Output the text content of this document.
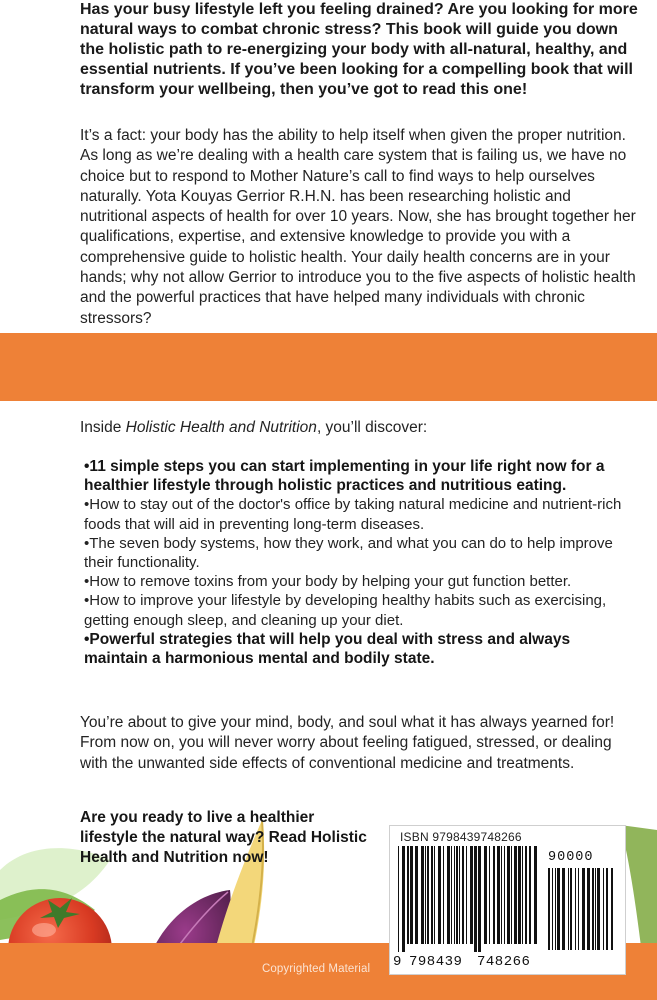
Has your busy lifestyle left you feeling drained? Are you looking for more natural ways to combat chronic stress? This book will guide you down the holistic path to re-energizing your body with all-natural, healthy, and essential nutrients. If you’ve been looking for a compelling book that will transform your wellbeing, then you’ve got to read this one!
It’s a fact: your body has the ability to help itself when given the proper nutrition. As long as we’re dealing with a health care system that is failing us, we have no choice but to respond to Mother Nature’s call to find ways to help ourselves naturally. Yota Kouyas Gerrior R.H.N. has been researching holistic and nutritional aspects of health for over 10 years. Now, she has brought together her qualifications, expertise, and extensive knowledge to provide you with a comprehensive guide to holistic health. Your daily health concerns are in your hands; why not allow Gerrior to introduce you to the five aspects of holistic health and the powerful practices that have helped many individuals with chronic stressors?
Inside Holistic Health and Nutrition, you’ll discover:
•11 simple steps you can start implementing in your life right now for a healthier lifestyle through holistic practices and nutritious eating.
•How to stay out of the doctor's office by taking natural medicine and nutrient-rich foods that will aid in preventing long-term diseases.
•The seven body systems, how they work, and what you can do to help improve their functionality.
•How to remove toxins from your body by helping your gut function better.
•How to improve your lifestyle by developing healthy habits such as exercising, getting enough sleep, and cleaning up your diet.
•Powerful strategies that will help you deal with stress and always maintain a harmonious mental and bodily state.
You’re about to give your mind, body, and soul what it has always yearned for! From now on, you will never worry about feeling fatigued, stressed, or dealing with the unwanted side effects of conventional medicine and treatments.
Are you ready to live a healthier lifestyle the natural way? Read Holistic Health and Nutrition now!
Copyrighted Material
ISBN 9798439748266
90000
9 798439 748266
